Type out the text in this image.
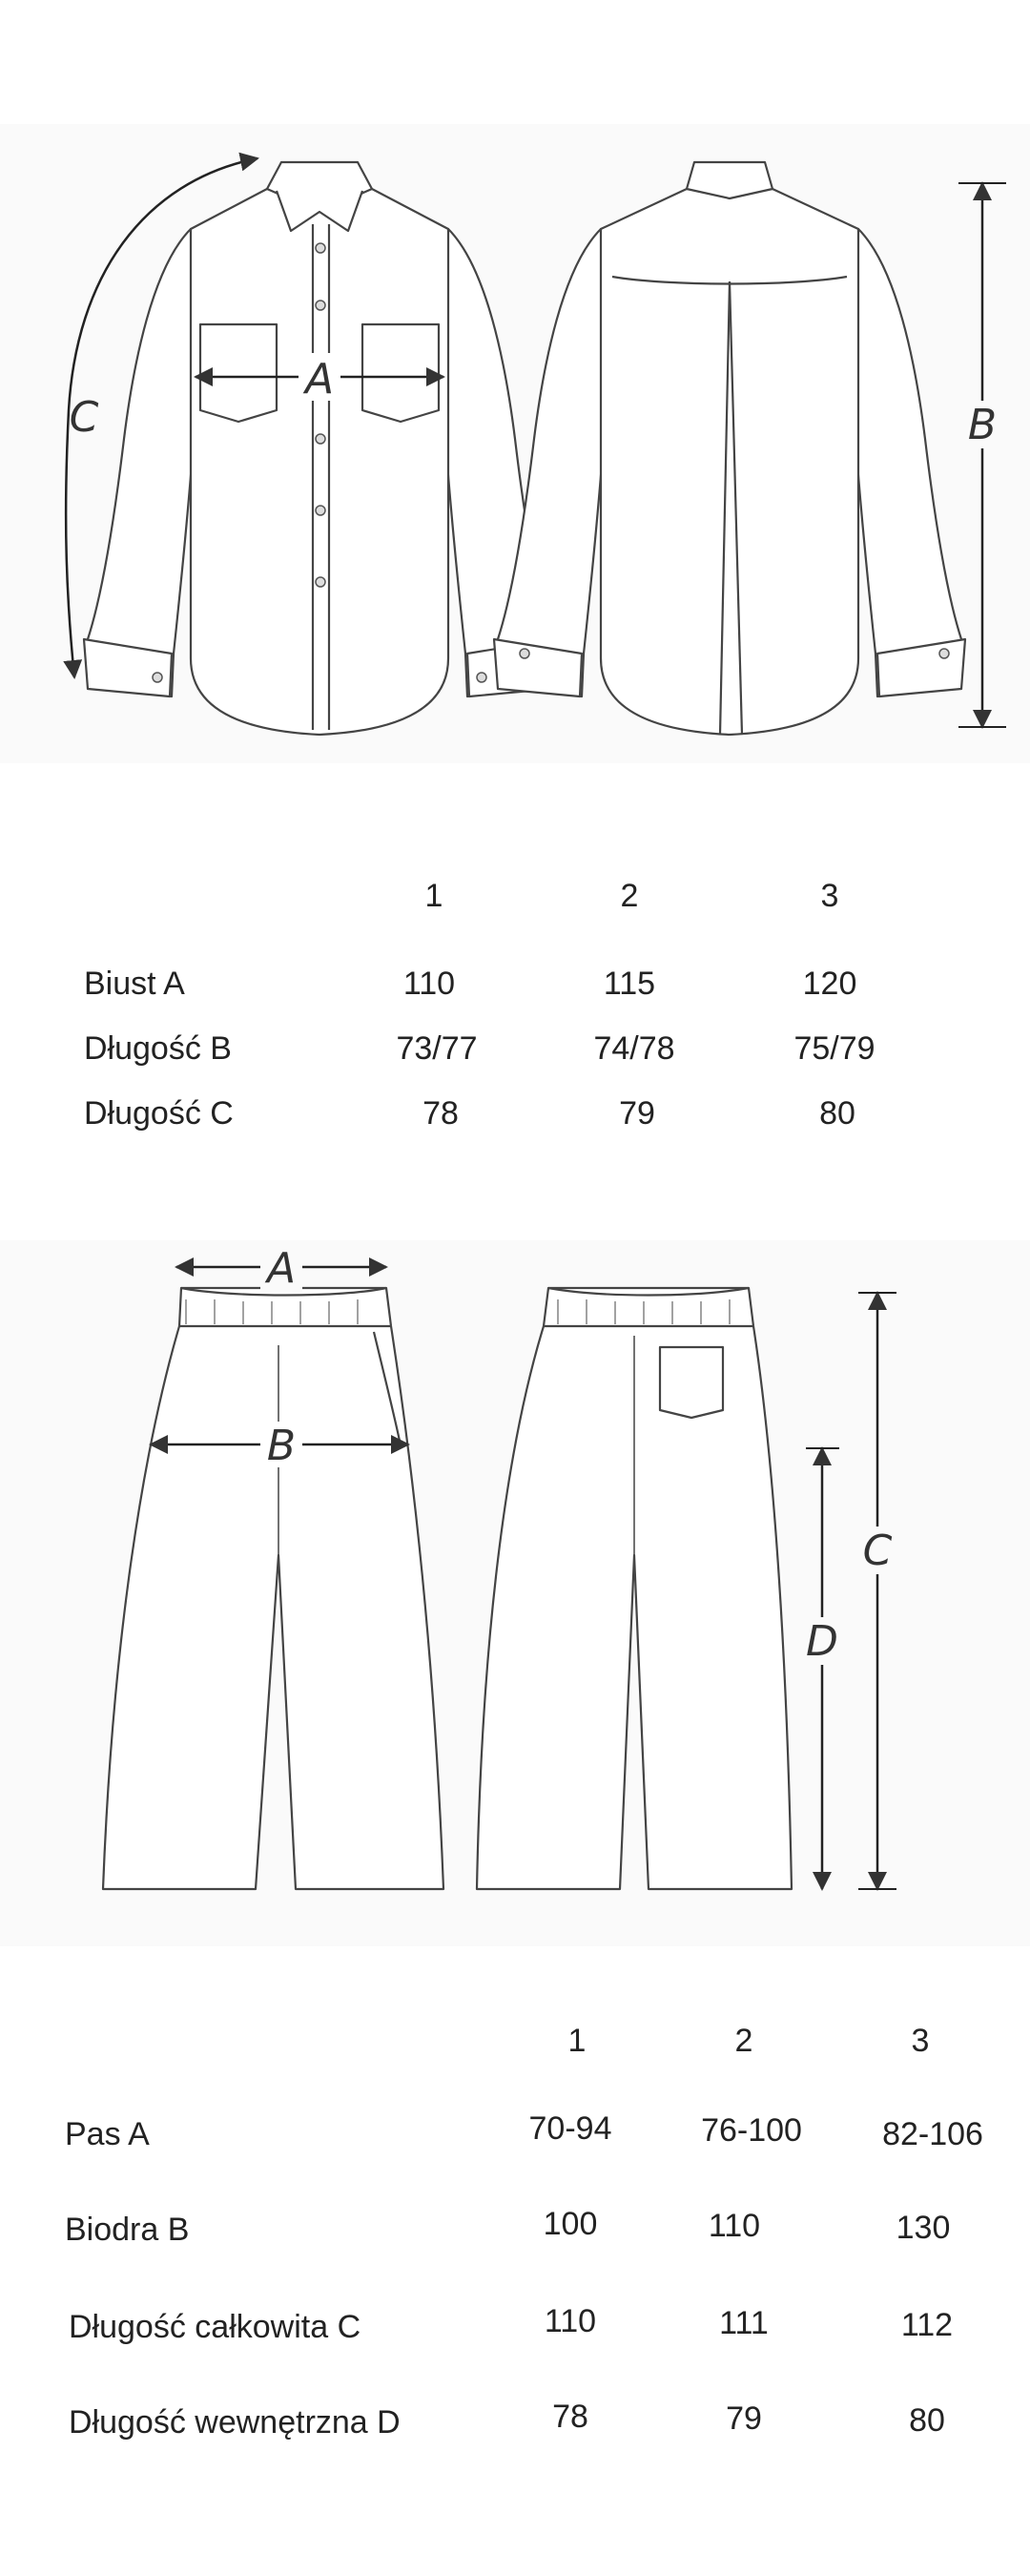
A
C	B
1	2	3
Biust A	110	115	120
Długość B	73/77	74/78	75/79
Długość C	78	79	80
A
B
C
D
1	2	3
Pas A	70-94	76-100	82-106
Biodra B	100	110	130
Długość całkowita C	110	111	112
Długość wewnętrzna D	78	79	80
